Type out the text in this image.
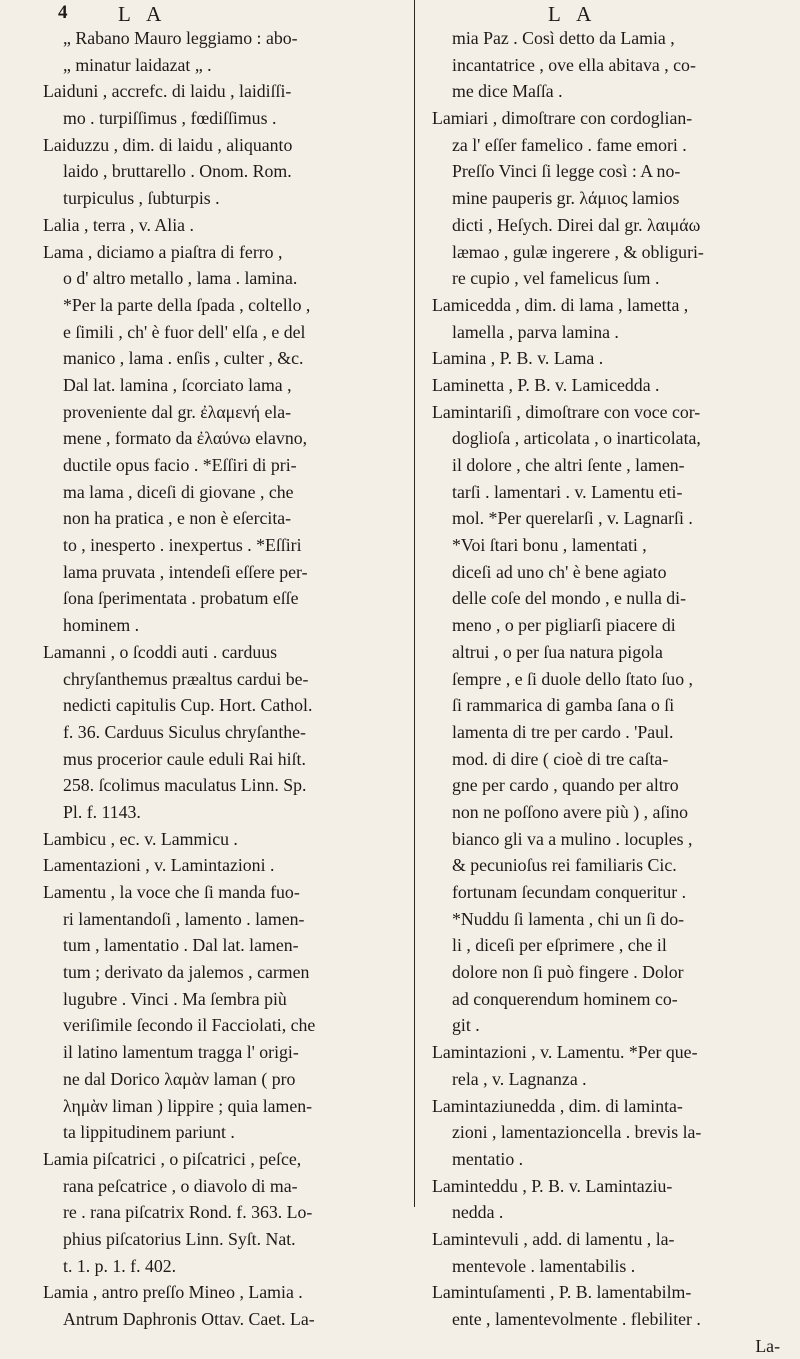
4 L A	L A
„ Rabano Mauro leggiamo : abo-
„ minatur laidazat „ .
Laiduni , accrefc. di laidu , laidiſſi-
mo . turpiſſimus , fœdiſſimus .
Laiduzzu , dim. di laidu , aliquanto
laido , bruttarello . Onom. Rom.
turpiculus , ſubturpis .
Lalia , terra , v. Alia .
Lama , diciamo a piaſtra di ferro ,
o d' altro metallo , lama . lamina.
*Per la parte della ſpada , coltello ,
e ſimili , ch' è fuor dell' elſa , e del
manico , lama . enſis , culter , &c.
Dal lat. lamina , ſcorciato lama ,
proveniente dal gr. ἐλαμενή ela-
mene , formato da ἐλαύνω elavno,
ductile opus facio . *Eſſiri di pri-
ma lama , diceſi di giovane , che
non ha pratica , e non è eſercita-
to , inesperto . inexpertus . *Eſſiri
lama pruvata , intendeſi eſſere per-
ſona ſperimentata . probatum eſſe
hominem .
Lamanni , o ſcoddi auti . carduus
chryſanthemus præaltus cardui be-
nedicti capitulis Cup. Hort. Cathol.
f. 36. Carduus Siculus chryſanthe-
mus procerior caule eduli Rai hiſt.
258. ſcolimus maculatus Linn. Sp.
Pl. f. 1143.
Lambicu , ec. v. Lammicu .
Lamentazioni , v. Lamintazioni .
Lamentu , la voce che ſi manda fuo-
ri lamentandoſi , lamento . lamen-
tum , lamentatio . Dal lat. lamen-
tum ; derivato da jalemos , carmen
lugubre . Vinci . Ma ſembra più
veriſimile ſecondo il Facciolati, che
il latino lamentum tragga l' origi-
ne dal Dorico λαμὰν laman ( pro
λημὰν liman ) lippire ; quia lamen-
ta lippitudinem pariunt .
Lamia piſcatrici , o piſcatrici , peſce,
rana peſcatrice , o diavolo di ma-
re . rana piſcatrix Rond. f. 363. Lo-
phius piſcatorius Linn. Syſt. Nat.
t. 1. p. 1. f. 402.
Lamia , antro preſſo Mineo , Lamia .
Antrum Daphronis Ottav. Caet. La-
mia Paz . Così detto da Lamia ,
incantatrice , ove ella abitava , co-
me dice Maſſa .
Lamiari , dimoſtrare con cordoglian-
za l' eſſer famelico . fame emori .
Preſſo Vinci ſi legge così : A no-
mine pauperis gr. λάμιος lamios
dicti , Heſych. Direi dal gr. λαιμάω
læmao , gulæ ingerere , & obliguri-
re cupio , vel famelicus ſum .
Lamicedda , dim. di lama , lametta ,
lamella , parva lamina .
Lamina , P. B. v. Lama .
Laminetta , P. B. v. Lamicedda .
Lamintariſi , dimoſtrare con voce cor-
dоglioſa , articolata , o inarticolata,
il dolore , che altri ſente , lamen-
tarſi . lamentari . v. Lamentu eti-
mol. *Per querelarſi , v. Lagnarſi .
*Voi ſtari bonu , lamentati ,
diceſi ad uno ch' è bene agiato
delle coſe del mondo , e nulla di-
meno , o per pigliarſi piacere di
altrui , o per ſua natura pigola
ſempre , e ſi duole dello ſtato ſuo ,
ſi rammarica di gamba ſana o ſi
lamenta di tre per cardo . 'Paul.
mod. di dire ( cioè di tre caſta-
gne per cardo , quando per altro
non ne poſſono avere più ) , aſino
bianco gli va a mulino . locuples ,
& pecunioſus rei familiaris Cic.
fortunam ſecundam conqueritur .
*Nuddu ſi lamenta , chi un ſi do-
li , diceſi per eſprimere , che il
dolore non ſi può fingere . Dolor
ad conquerendum hominem co-
git .
Lamintazioni , v. Lamentu. *Per que-
rela , v. Lagnanza .
Lamintaziunedda , dim. di laminta-
zioni , lamentazioncella . brevis la-
mentatio .
Laminteddu , P. B. v. Lamintaziu-
nedda .
Lamintevuli , add. di lamentu , la-
mentevole . lamentabilis .
Lamintuſamenti , P. B. lamentabilm-
ente , lamentevolmente . flebiliter .
La-
